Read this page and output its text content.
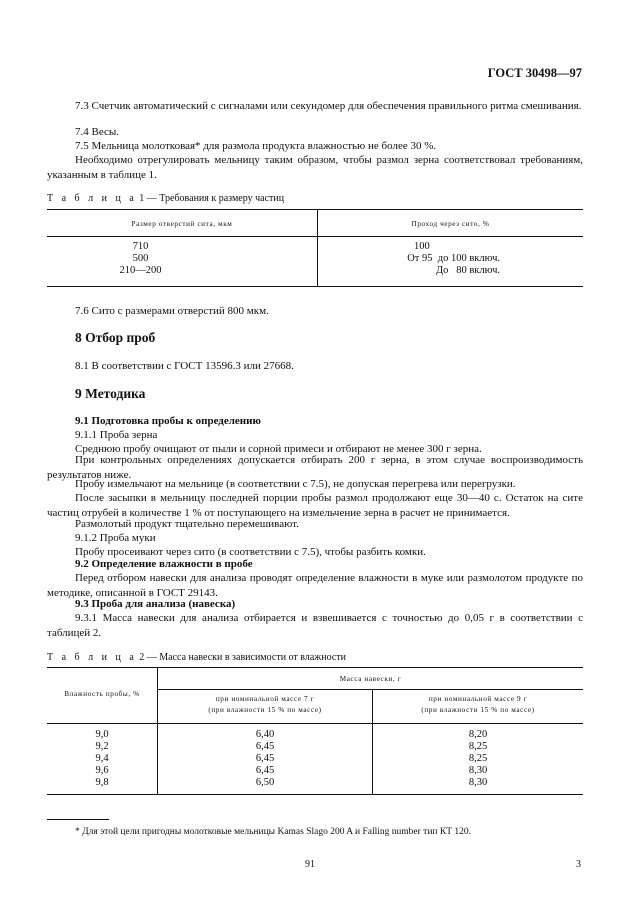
ГОСТ 30498—97
7.3 Счетчик автоматический с сигналами или секундомер для обеспечения правильного ритма смешивания.
7.4 Весы.
7.5 Мельница молотковая* для размола продукта влажностью не более 30 %.
Необходимо отрегулировать мельницу таким образом, чтобы размол зерна соответствовал требованиям, указанным в таблице 1.
Т а б л и ц а 1 — Требования к размеру частиц
Размер отверстий сита, мкм	Проход через сито, %
710
500
210—200
100
От 95  до 100 включ.
До   80 включ.
7.6 Сито с размерами отверстий 800 мкм.
8 Отбор проб
8.1 В соответствии с ГОСТ 13596.3 или 27668.
9 Методика
9.1 Подготовка пробы к определению
9.1.1 Проба зерна
Среднюю пробу очищают от пыли и сорной примеси и отбирают не менее 300 г зерна.
При контрольных определениях допускается отбирать 200 г зерна, в этом случае воспроизводимость результатов ниже.
Пробу измельчают на мельнице (в соответствии с 7.5), не допуская перегрева или перегрузки.
После засыпки в мельницу последней порции пробы размол продолжают еще 30—40 с. Остаток на сите частиц отрубей в количестве 1 % от поступающего на измельчение зерна в расчет не принимается.
Размолотый продукт тщательно перемешивают.
9.1.2 Проба муки
Пробу просеивают через сито (в соответствии с 7.5), чтобы разбить комки.
9.2 Определение влажности в пробе
Перед отбором навески для анализа проводят определение влажности в муке или размолотом продукте по методике, описанной в ГОСТ 29143.
9.3 Проба для анализа (навеска)
9.3.1 Масса навески для анализа отбирается и взвешивается с точностью до 0,05 г в соответствии с таблицей 2.
Т а б л и ц а 2 — Масса навески в зависимости от влажности
Влажность пробы, %
Масса навески, г
при номинальной массе 7 г
(при влажности 15 % по массе)
при номинальной массе 9 г
(при влажности 15 % по массе)
9,0
9,2
9,4
9,6
9,8
6,40
6,45
6,45
6,45
6,50
8,20
8,25
8,25
8,30
8,30
* Для этой цели пригодны молотковые мельницы Kamas Slago 200 A и Falling number тип КТ 120.
91	3
